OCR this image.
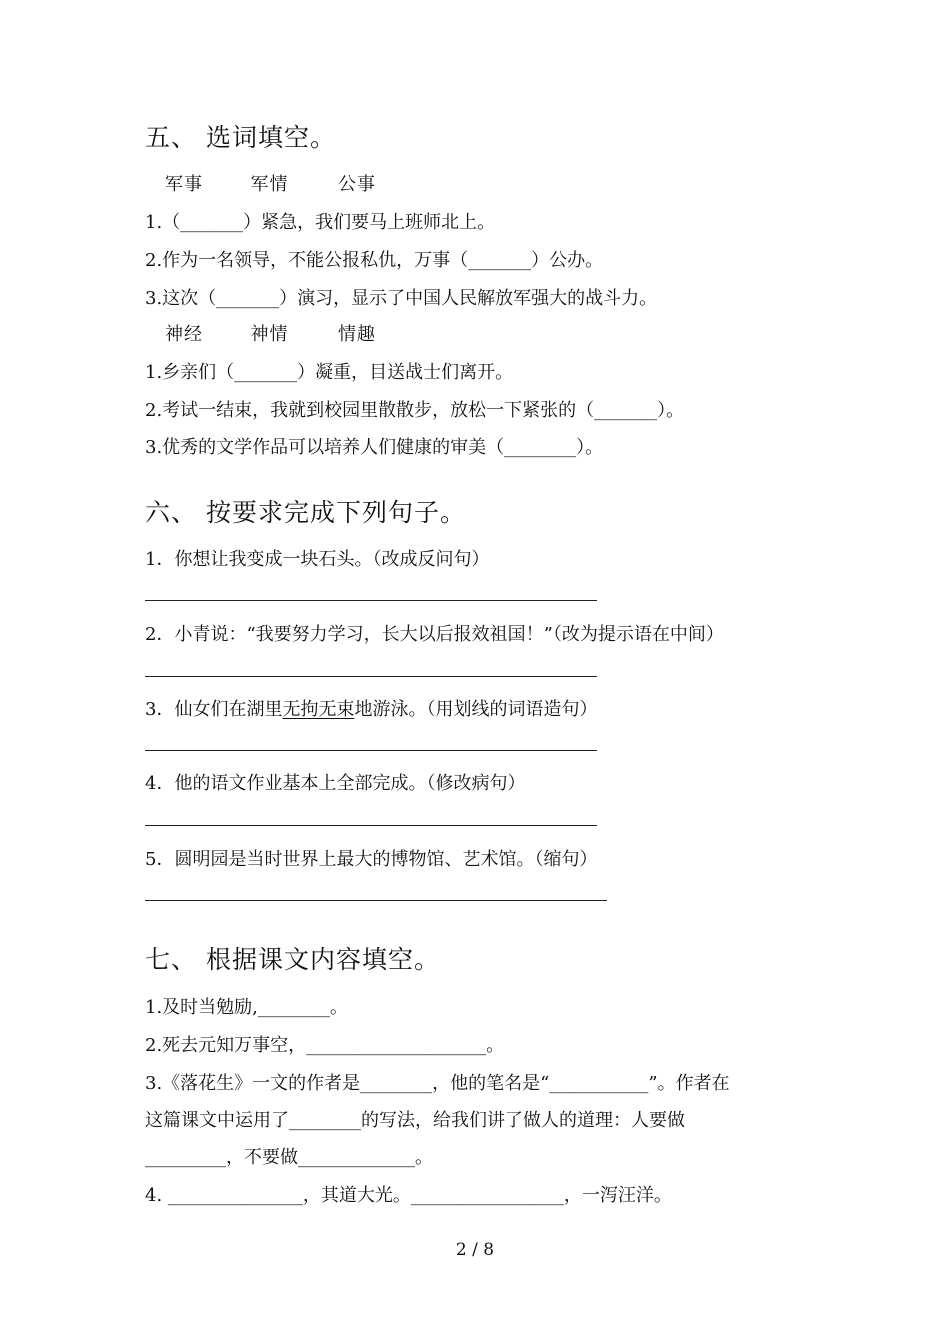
五、 选词填空。
军事	军情	公事
1.（_______）紧急，我们要马上班师北上。
2.作为一名领导，不能公报私仇，万事（_______）公办。
3.这次（_______）演习，显示了中国人民解放军强大的战斗力。
神经	神情	情趣
1.乡亲们（_______）凝重，目送战士们离开。
2.考试一结束，我就到校园里散散步，放松一下紧张的（_______）。
3.优秀的文学作品可以培养人们健康的审美（________）。
六、 按要求完成下列句子。
1．你想让我变成一块石头。（改成反问句）
2．小青说：“我要努力学习，长大以后报效祖国！”（改为提示语在中间）
3．仙女们在湖里无拘无束地游泳。（用划线的词语造句）
4．他的语文作业基本上全部完成。（修改病句）
5．圆明园是当时世界上最大的博物馆、艺术馆。（缩句）
七、 根据课文内容填空。
1.及时当勉励,________。
2.死去元知万事空，____________________。
3.《落花生》一文的作者是________，他的笔名是“___________”。作者在
这篇课文中运用了________的写法，给我们讲了做人的道理：人要做
_________，不要做_____________。
4. _______________，其道大光。_________________，一泻汪洋。
2 / 8
